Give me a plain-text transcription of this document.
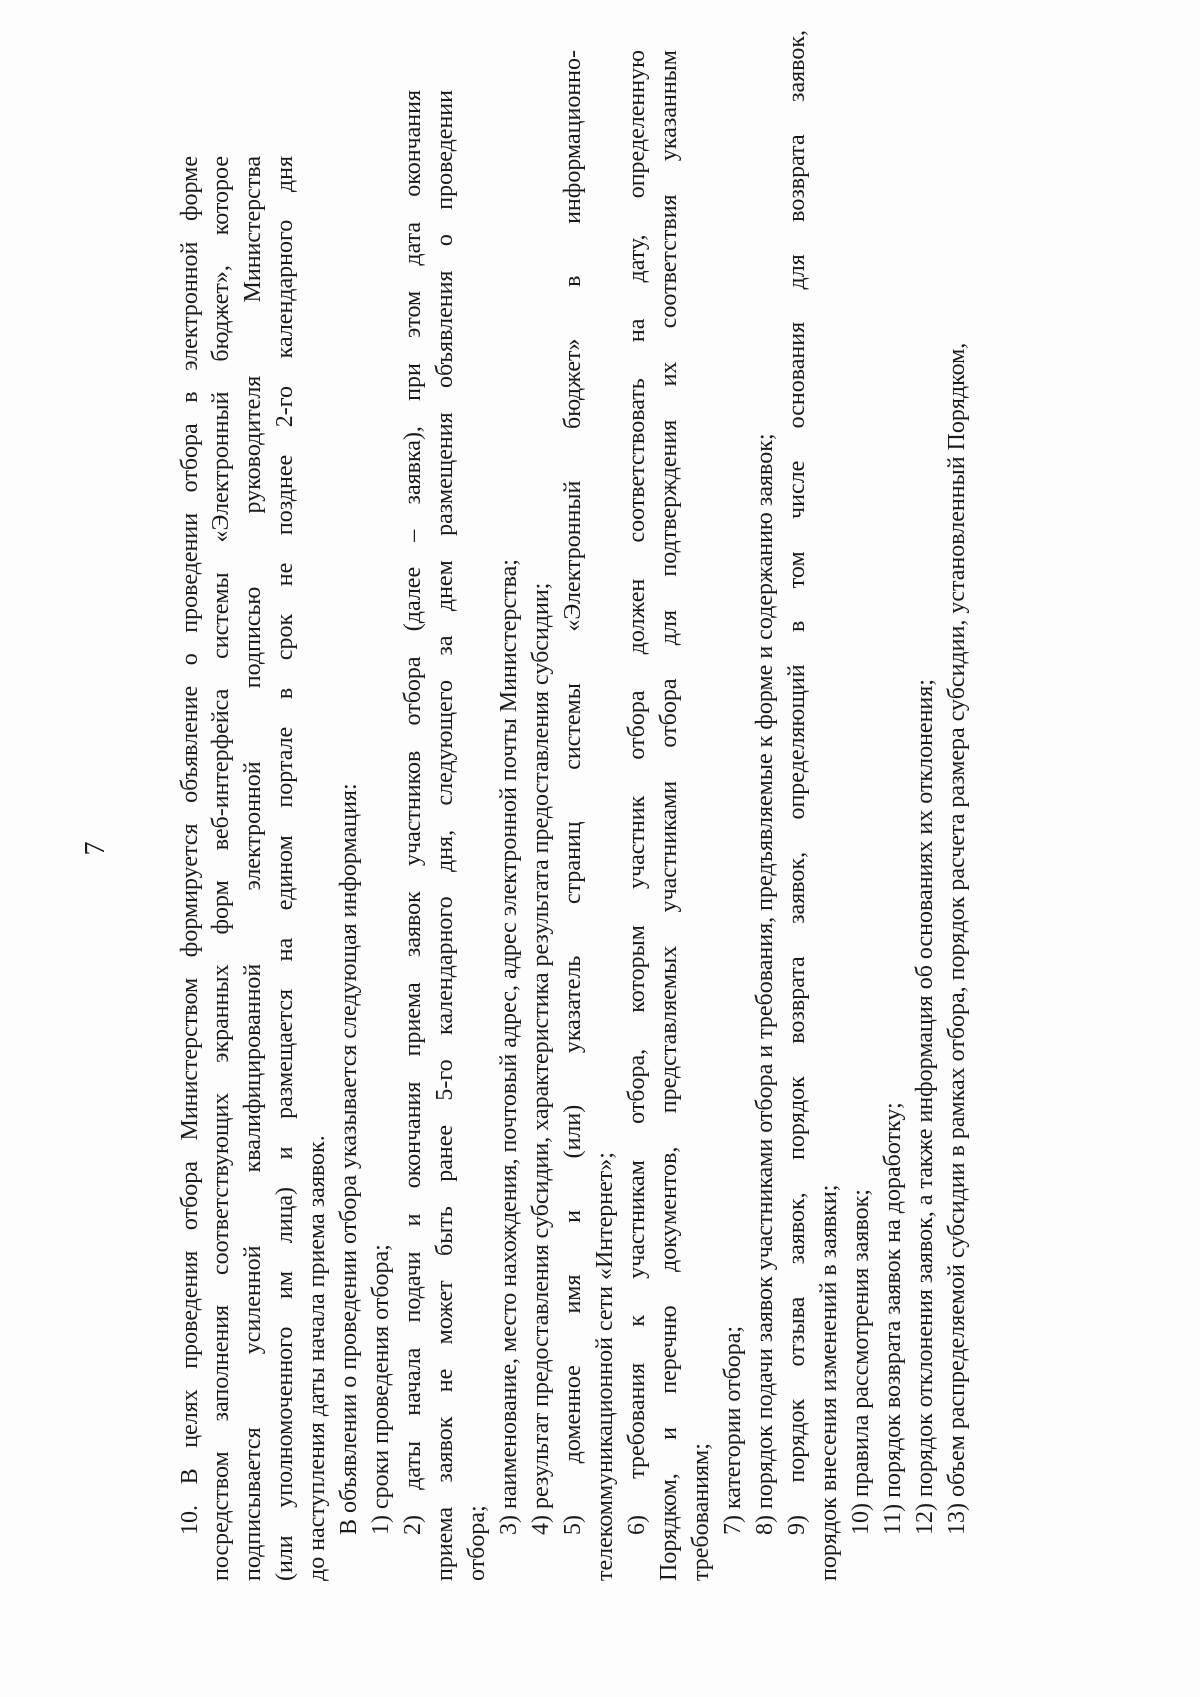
7	10. В целях проведения отбора Министерством формируется объявление о проведении отбора в электронной форме посредством заполнения соответствующих экранных форм веб-интерфейса системы «Электронный бюджет», которое подписывается усиленной квалифицированной электронной подписью руководителя Министерства (или уполномоченного им лица) и размещается на едином портале в срок не позднее 2-го календарного дня до наступления даты начала приема заявок. В объявлении о проведении отбора указывается следующая информация: 1) сроки проведения отбора; 2) даты начала подачи и окончания приема заявок участников отбора (далее – заявка), при этом дата окончания приема заявок не может быть ранее 5-го календарного дня, следующего за днем размещения объявления о проведении отбора;
3) наименование, место нахождения, почтовый адрес, адрес электронной почты Министерства; 4) результат предоставления субсидии, характеристика результата предоставления субсидии; 5) доменное имя и (или) указатель страниц системы «Электронный бюджет» в информационно- телекоммуникационной сети «Интернет»; 6) требования к участникам отбора, которым участник отбора должен соответствовать на дату, определенную Порядком, и перечню документов, представляемых участниками отбора для подтверждения их соответствия указанным требованиям; 7) категории отбора; 8) порядок подачи заявок участниками отбора и требования, предъявляемые к форме и содержанию заявок; 9) порядок отзыва заявок, порядок возврата заявок, определяющий в том числе основания для возврата заявок, порядок внесения изменений в заявки; 10) правила рассмотрения заявок; 11) порядок возврата заявок на доработку; 12) порядок отклонения заявок, а также информация об основаниях их отклонения; 13) объем распределяемой субсидии в рамках отбора, порядок расчета размера субсидии, установленный Порядком,
